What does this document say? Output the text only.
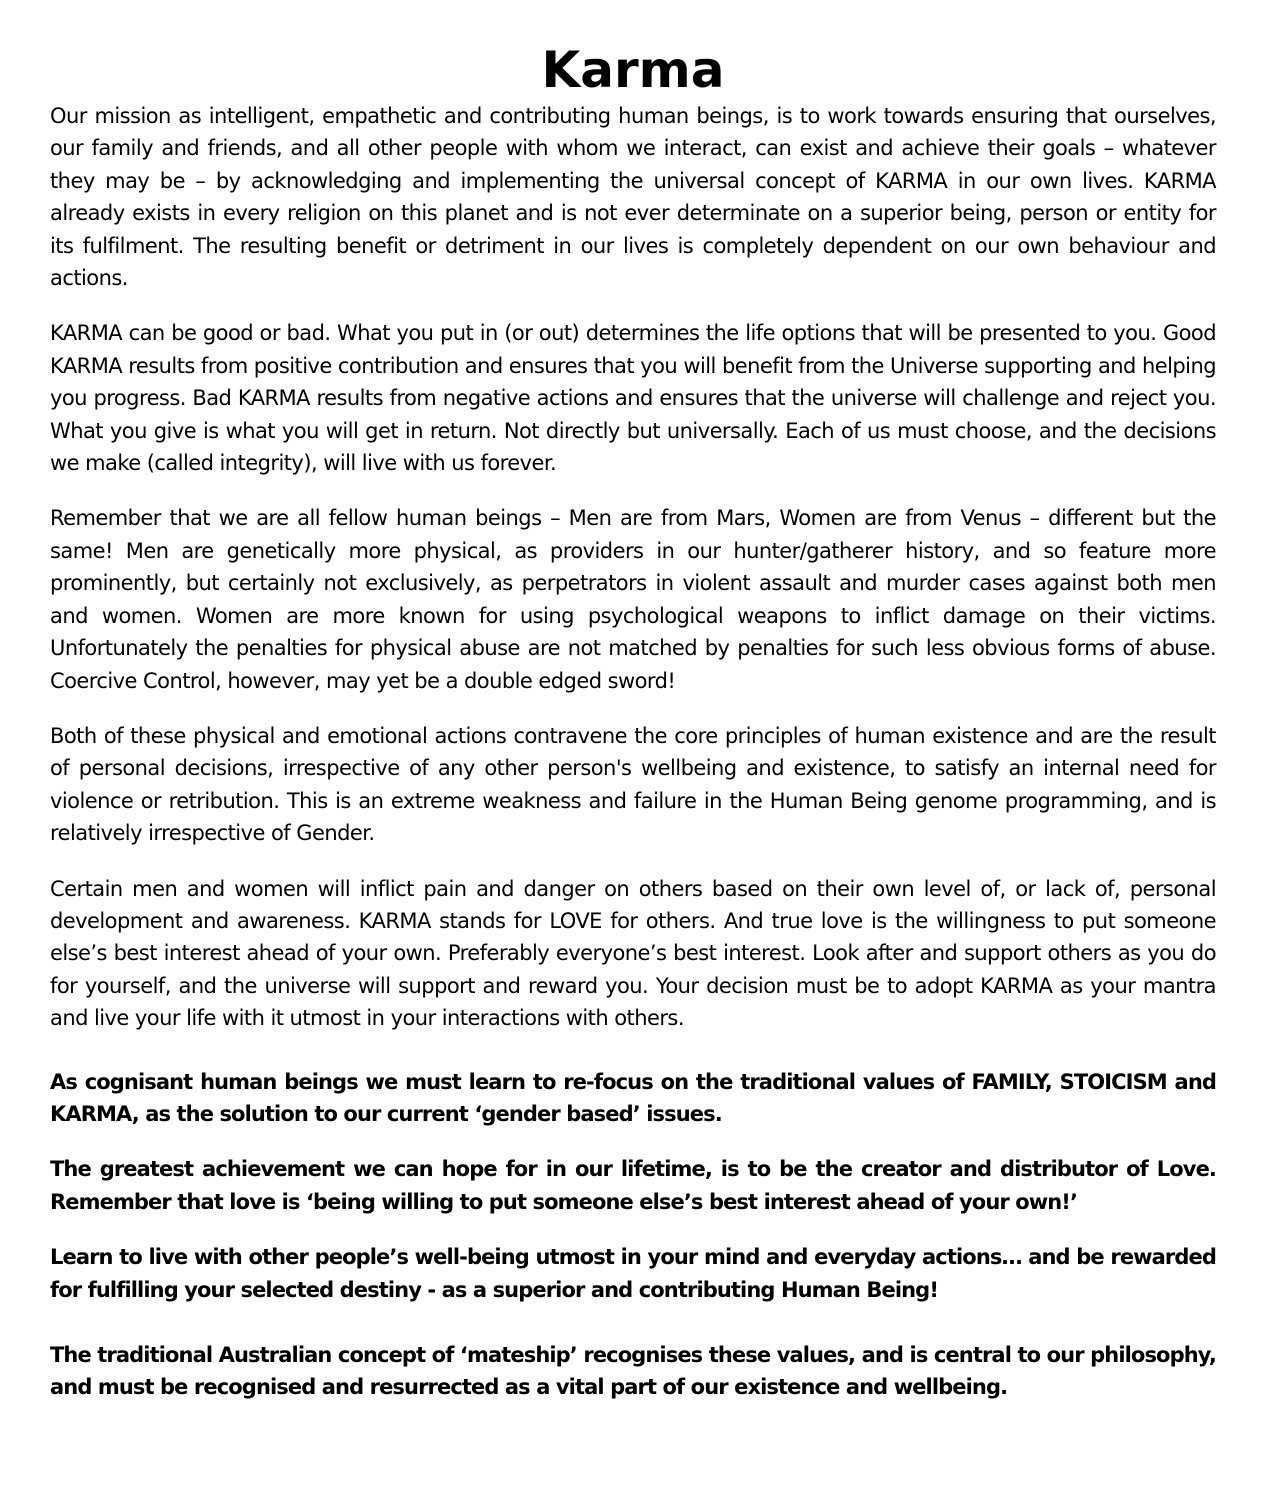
Karma

Our mission as intelligent, empathetic and contributing human beings, is to work towards ensuring that ourselves, our family and friends, and all other people with whom we interact, can exist and achieve their goals – whatever they may be – by acknowledging and implementing the universal concept of KARMA in our own lives. KARMA already exists in every religion on this planet and is not ever determinate on a superior being, person or entity for its fulfilment. The resulting benefit or detriment in our lives is completely dependent on our own behaviour and actions.

KARMA can be good or bad. What you put in (or out) determines the life options that will be presented to you. Good KARMA results from positive contribution and ensures that you will benefit from the Universe supporting and helping you progress. Bad KARMA results from negative actions and ensures that the universe will challenge and reject you. What you give is what you will get in return. Not directly but universally. Each of us must choose, and the decisions we make (called integrity), will live with us forever.

Remember that we are all fellow human beings – Men are from Mars, Women are from Venus – different but the same! Men are genetically more physical, as providers in our hunter/gatherer history, and so feature more prominently, but certainly not exclusively, as perpetrators in violent assault and murder cases against both men and women. Women are more known for using psychological weapons to inflict damage on their victims. Unfortunately the penalties for physical abuse are not matched by penalties for such less obvious forms of abuse. Coercive Control, however, may yet be a double edged sword!

Both of these physical and emotional actions contravene the core principles of human existence and are the result of personal decisions, irrespective of any other person's wellbeing and existence, to satisfy an internal need for violence or retribution. This is an extreme weakness and failure in the Human Being genome programming, and is relatively irrespective of Gender.

Certain men and women will inflict pain and danger on others based on their own level of, or lack of, personal development and awareness. KARMA stands for LOVE for others. And true love is the willingness to put someone else’s best interest ahead of your own. Preferably everyone’s best interest. Look after and support others as you do for yourself, and the universe will support and reward you. Your decision must be to adopt KARMA as your mantra and live your life with it utmost in your interactions with others.

As cognisant human beings we must learn to re-focus on the traditional values of FAMILY, STOICISM and KARMA, as the solution to our current ‘gender based’ issues.

The greatest achievement we can hope for in our lifetime, is to be the creator and distributor of Love. Remember that love is ‘being willing to put someone else’s best interest ahead of your own!’

Learn to live with other people’s well-being utmost in your mind and everyday actions… and be rewarded for fulfilling your selected destiny - as a superior and contributing Human Being!

The traditional Australian concept of ‘mateship’ recognises these values, and is central to our philosophy, and must be recognised and resurrected as a vital part of our existence and wellbeing.
